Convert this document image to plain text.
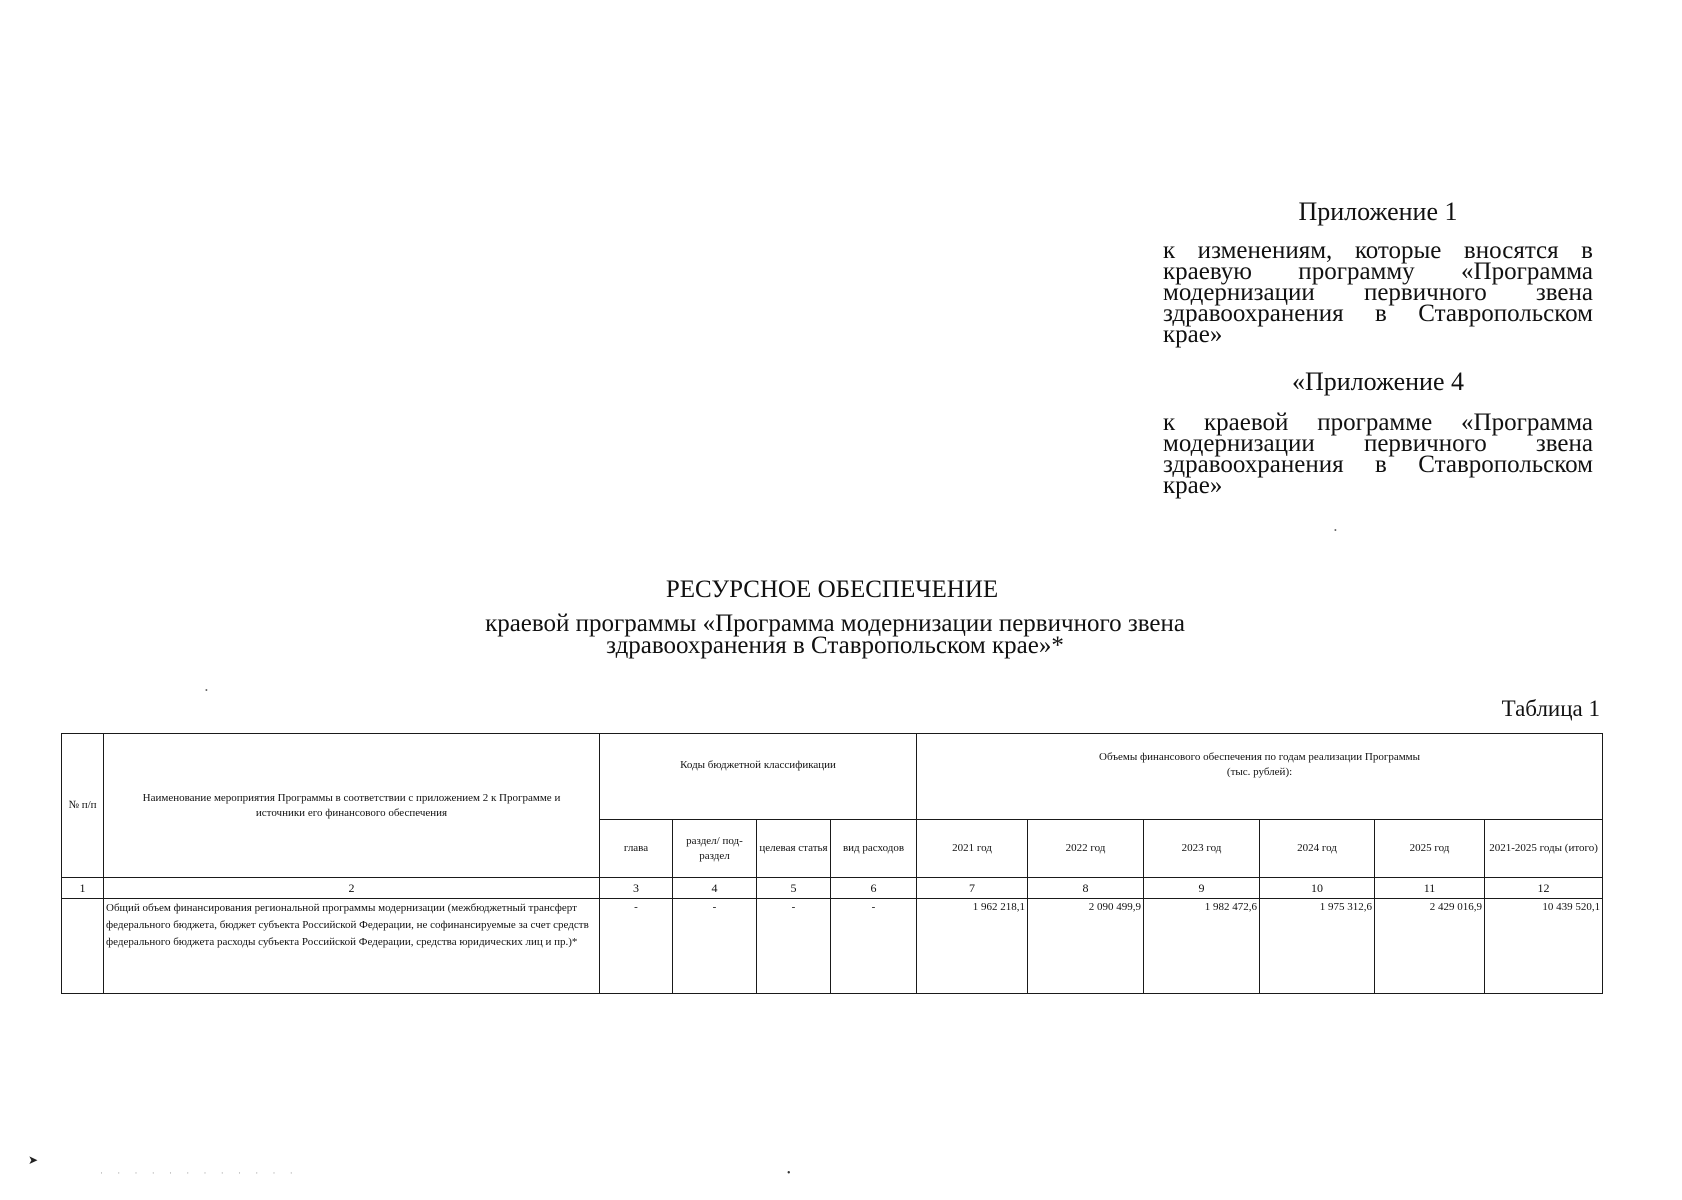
Приложение 1
к изменениям, которые вносятся в краевую программу «Программа модернизации первичного звена здравоохранения в Ставропольском крае»
«Приложение 4
к краевой программе «Программа модернизации первичного звена здравоохранения в Ставропольском крае»
РЕСУРСНОЕ ОБЕСПЕЧЕНИЕ
краевой программы «Программа модернизации первичного звена
здравоохранения в Ставропольском крае»*
Таблица 1
№ п/п	Наименование мероприятия Программы в соответствии с приложением 2 к Программе и источники его финансового обеспечения	Коды бюджетной классификации				Объемы финансового обеспечения по годам реализации Программы
(тыс. рублей):					

		глава	раздел/ под-раздел	целевая статья	вид расходов	2021 год	2022 год	2023 год	2024 год	2025 год	2021-2025 годы (итого)
1	2	3	4	5	6	7	8	9	10	11	12
	Общий объем финансирования региональной программы модернизации (межбюджетный трансферт федерального бюджета, бюджет субъекта Российской Федерации, не софинансируемые за счет средств федерального бюджета расходы субъекта Российской Федерации, средства юридических лиц и пр.)*	-	-	-	-	1 962 218,1	2 090 499,9	1 982 472,6	1 975 312,6	2 429 016,9	10 439 520,1
➤
· · · · · · · · · · · ·	•
•
•
